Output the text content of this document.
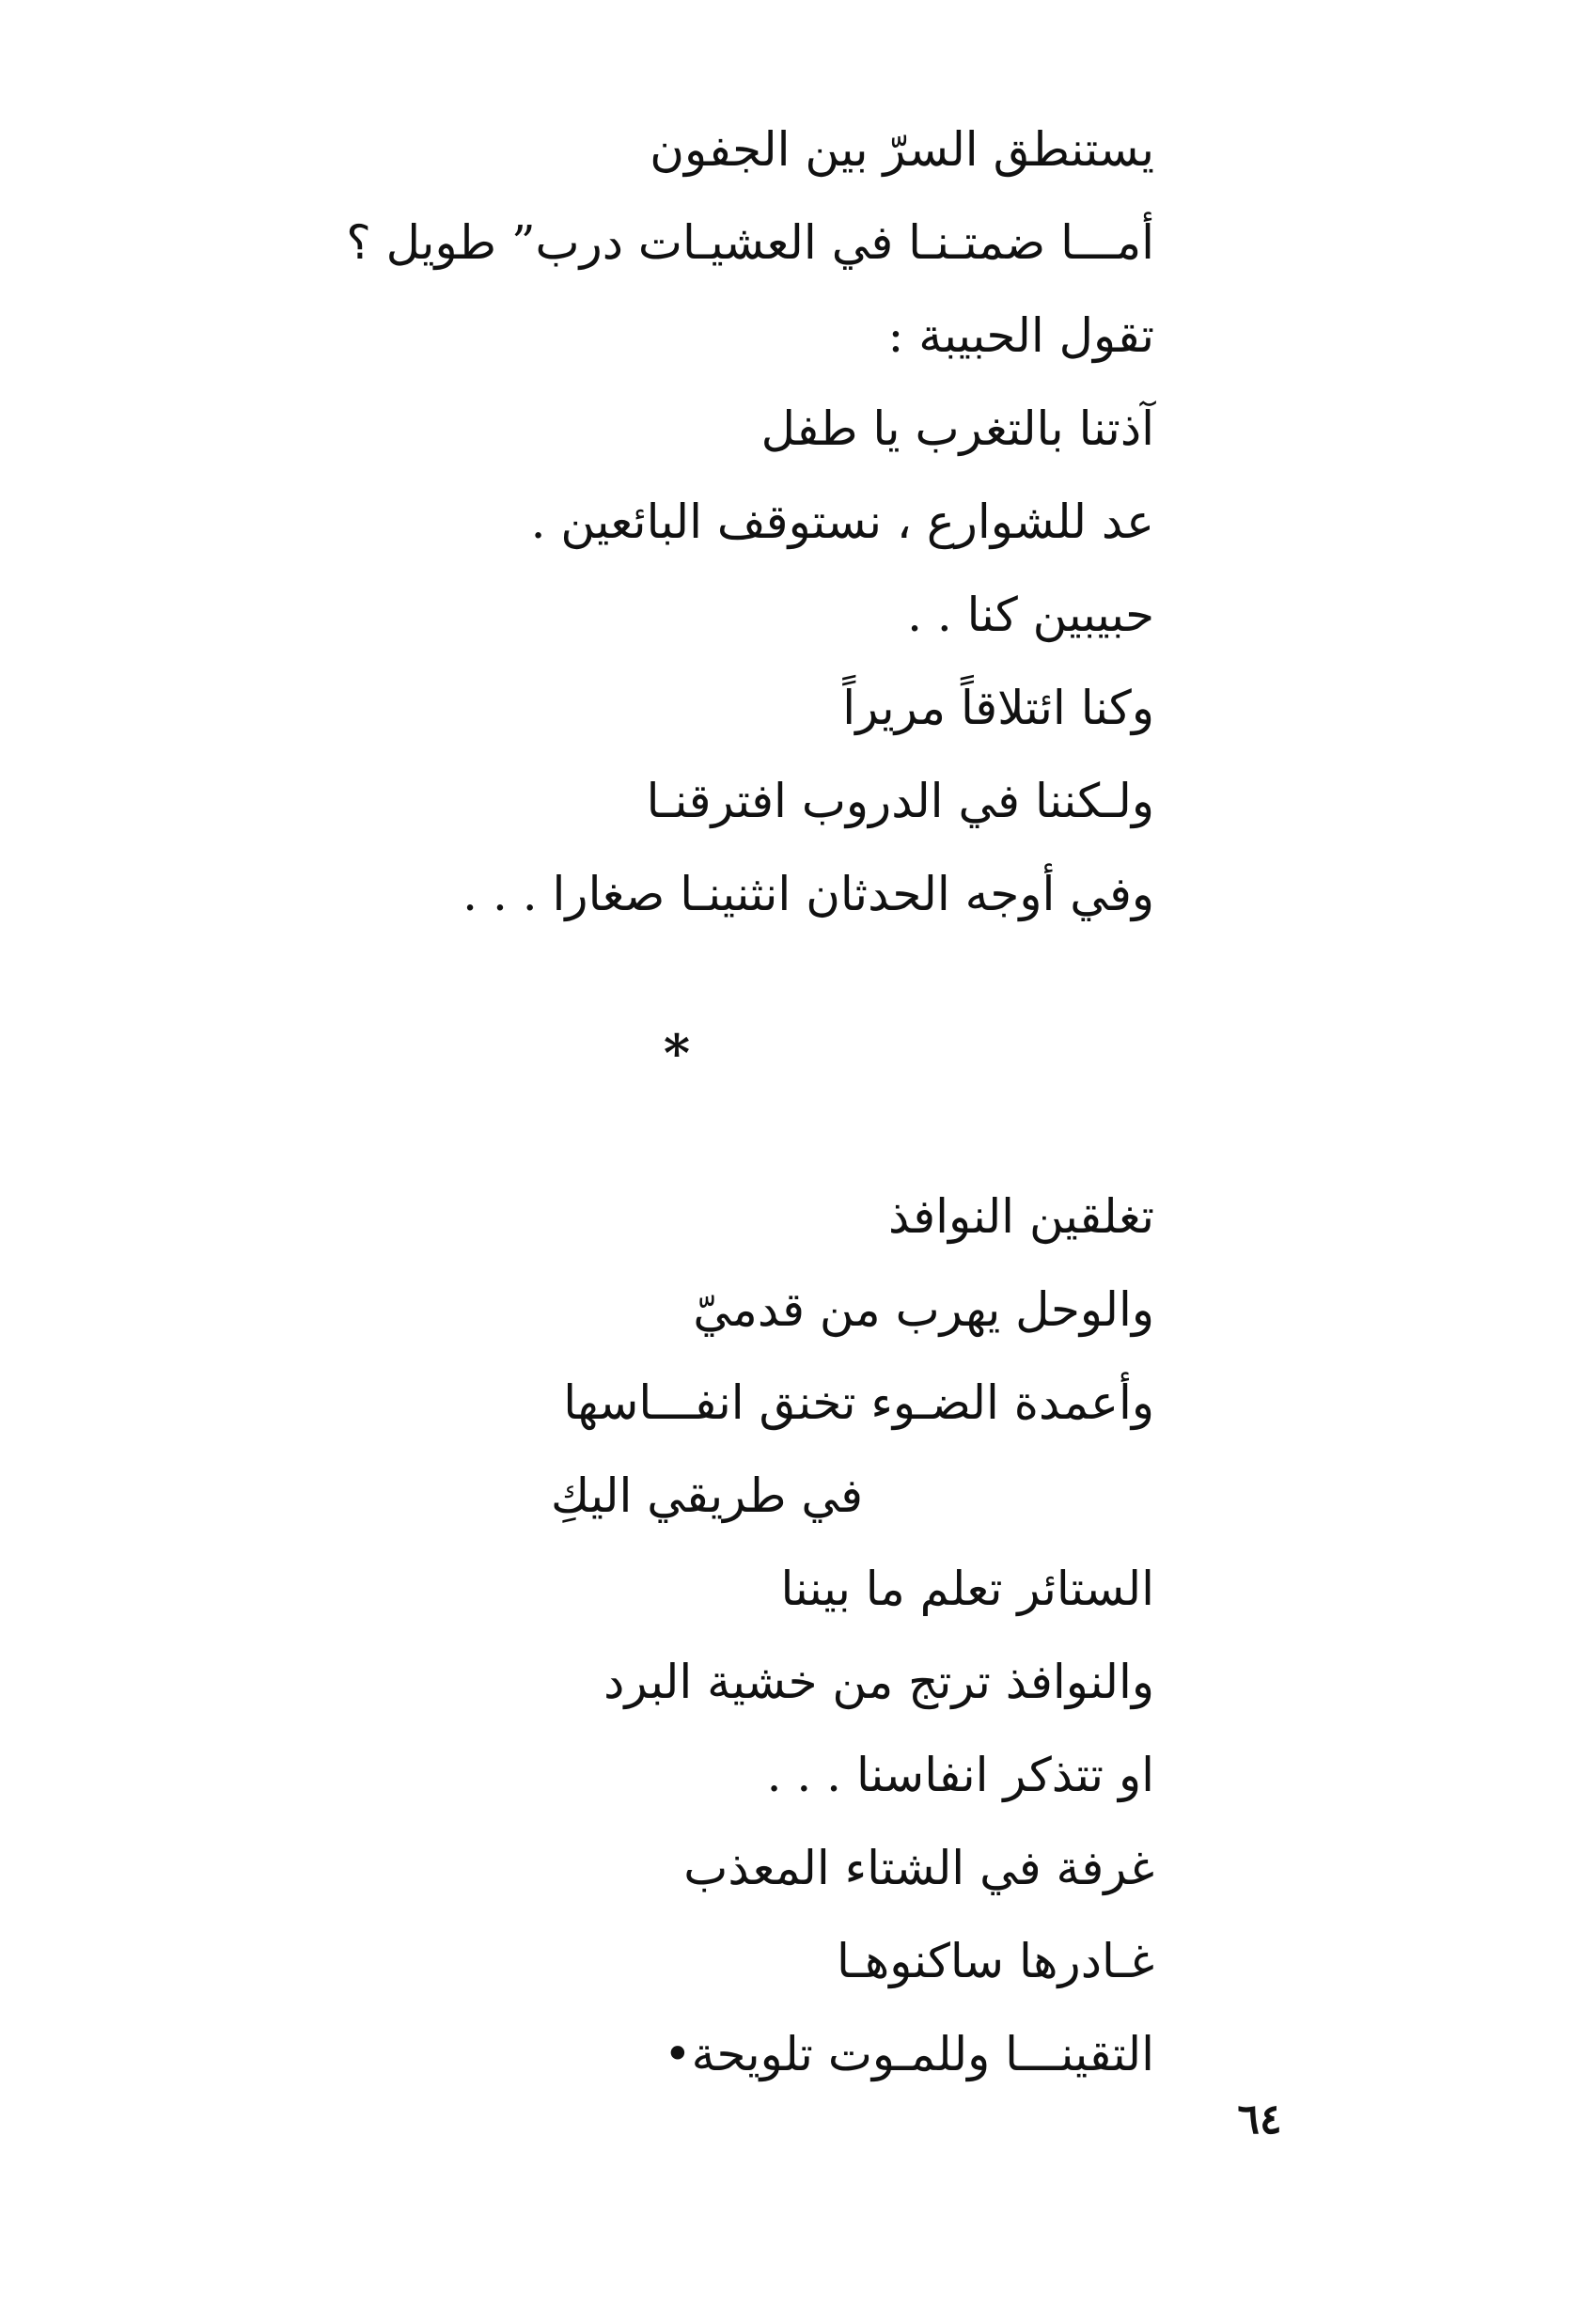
يستنطق السرّ بين الجفون
أمـــا ضمتـنـا في العشيـات درب” طويل ؟
تقول الحبيبة :
آذتنا بالتغرب يا طفل
عد للشوارع ، نستوقف البائعين .
حبيبين كنا . .
وكنا ائتلاقاً مريراً
ولـكننا في الدروب افترقنـا
وفي أوجه الحدثان انثنينـا صغارا . . .
*
تغلقين النوافذ
والوحل يهرب من قدميّ
وأعمدة الضـوء تخنق انفـــاسها
في طريقي اليكِ
الستائر تعلم ما بيننا
والنوافذ ترتج من خشية البرد
او تتذكر انفاسنا . . .
غرفة في الشتاء المعذب
غـادرها ساكنوهـا
التقينـــا وللمـوت تلويحة•
٦٤
